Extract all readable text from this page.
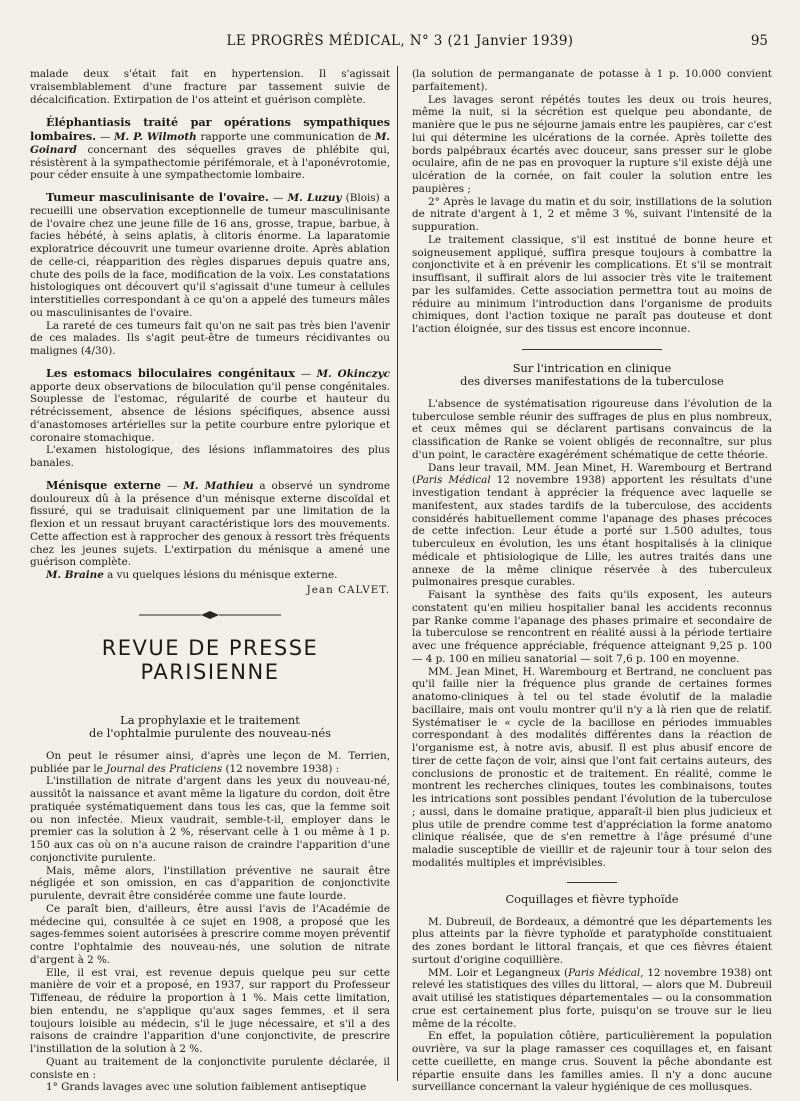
LE PROGRÈS MÉDICAL, N° 3 (21 Janvier 1939)	95

malade deux s'était fait en hypertension. Il s'agissait vraisemblablement d'une fracture par tassement suivie de décalcification. Extirpation de l'os atteint et guérison complète.

Éléphantiasis traité par opérations sympathiques lombaires. — M. P. Wilmoth rapporte une communication de M. Goinard concernant des séquelles graves de phlébite qui, résistèrent à la sympathectomie périfémorale, et à l'aponévrotomie, pour céder ensuite à une sympathectomie lombaire.

Tumeur masculinisante de l'ovaire. — M. Luzuy (Blois) a recueilli une observation exceptionnelle de tumeur masculinisante de l'ovaire chez une jeune fille de 16 ans, grosse, trapue, barbue, à facies hébété, à seins aplatis, à clitoris énorme. La laparatomie exploratrice découvrit une tumeur ovarienne droite. Après ablation de celle-ci, réapparition des règles disparues depuis quatre ans, chute des poils de la face, modification de la voix. Les constatations histologiques ont découvert qu'il s'agissait d'une tumeur à cellules interstitielles correspondant à ce qu'on a appelé des tumeurs mâles ou masculinisantes de l'ovaire.

La rareté de ces tumeurs fait qu'on ne sait pas très bien l'avenir de ces malades. Ils s'agit peut-être de tumeurs récidivantes ou malignes (4/30).

Les estomacs biloculaires congénitaux — M. Okinczyc apporte deux observations de biloculation qu'il pense congénitales. Souplesse de l'estomac, régularité de courbe et hauteur du rétrécissement, absence de lésions spécifiques, absence aussi d'anastomoses artérielles sur la petite courbure entre pylorique et coronaire stomachique.

L'examen histologique, des lésions inflammatoires des plus banales.

Ménisque externe — M. Mathieu a observé un syndrome douloureux dû à la présence d'un ménisque externe discoïdal et fissuré, qui se traduisait cliniquement par une limitation de la flexion et un ressaut bruyant caractéristique lors des mouvements. Cette affection est à rapprocher des genoux à ressort très fréquents chez les jeunes sujets. L'extirpation du ménisque a amené une guérison complète.

M. Braine a vu quelques lésions du ménisque externe.

Jean CALVET.
REVUE DE PRESSE PARISIENNE
La prophylaxie et le traitement
de l'ophtalmie purulente des nouveau-nés

On peut le résumer ainsi, d'après une leçon de M. Terrien, publiée par le Journal des Praticiens (12 novembre 1938) :

L'instillation de nitrate d'argent dans les yeux du nouveau-né, aussitôt la naissance et avant même la ligature du cordon, doit être pratiquée systématiquement dans tous les cas, que la femme soit ou non infectée. Mieux vaudrait, semble-t-il, employer dans le premier cas la solution à 2 %, réservant celle à 1 ou même à 1 p. 150 aux cas où on n'a aucune raison de craindre l'apparition d'une conjonctivite purulente.

Mais, même alors, l'instillation préventive ne saurait être négligée et son omission, en cas d'apparition de conjonctivite purulente, devrait être considérée comme une faute lourde.

Ce paraît bien, d'ailleurs, être aussi l'avis de l'Académie de médecine qui, consultée à ce sujet en 1908, a proposé que les sages-femmes soient autorisées à prescrire comme moyen préventif contre l'ophtalmie des nouveau-nés, une solution de nitrate d'argent à 2 %.

Elle, il est vrai, est revenue depuis quelque peu sur cette manière de voir et a proposé, en 1937, sur rapport du Professeur Tiffeneau, de réduire la proportion à 1 %. Mais cette limitation, bien entendu, ne s'applique qu'aux sages femmes, et il sera toujours loisible au médecin, s'il le juge nécessaire, et s'il a des raisons de craindre l'apparition d'une conjonctivite, de prescrire l'instillation de la solution à 2 %.

Quant au traitement de la conjonctivite purulente déclarée, il consiste en :

1° Grands lavages avec une solution faiblement antiseptique

(la solution de permanganate de potasse à 1 p. 10.000 convient parfaitement).

Les lavages seront répétés toutes les deux ou trois heures, même la nuit, si la sécrétion est quelque peu abondante, de manière que le pus ne séjourne jamais entre les paupières, car c'est lui qui détermine les ulcérations de la cornée. Après toilette des bords palpébraux écartés avec douceur, sans presser sur le globe oculaire, afin de ne pas en provoquer la rupture s'il existe déjà une ulcération de la cornée, on fait couler la solution entre les paupières ;

2° Après le lavage du matin et du soir, instillations de la solution de nitrate d'argent à 1, 2 et même 3 %, suivant l'intensité de la suppuration.

Le traitement classique, s'il est institué de bonne heure et soigneusement appliqué, suffira presque toujours à combattre la conjonctivite et à en prévenir les complications. Et s'il se montrait insuffisant, il suffirait alors de lui associer très vite le traitement par les sulfamides. Cette association permettra tout au moins de réduire au minimum l'introduction dans l'organisme de produits chimiques, dont l'action toxique ne paraît pas douteuse et dont l'action éloignée, sur des tissus est encore inconnue.

Sur l'intrication en clinique
des diverses manifestations de la tuberculose

L'absence de systématisation rigoureuse dans l'évolution de la tuberculose semble réunir des suffrages de plus en plus nombreux, et ceux mêmes qui se déclarent partisans convaincus de la classification de Ranke se voient obligés de reconnaître, sur plus d'un point, le caractère exagérément schématique de cette théorie.

Dans leur travail, MM. Jean Minet, H. Warembourg et Bertrand (Paris Médical 12 novembre 1938) apportent les résultats d'une investigation tendant à apprécier la fréquence avec laquelle se manifestent, aux stades tardifs de la tuberculose, des accidents considérés habituellement comme l'apanage des phases précoces de cette infection. Leur étude a porté sur 1.500 adultes, tous tuberculeux en évolution, les uns étant hospitalisés à la clinique médicale et phtisiologique de Lille, les autres traités dans une annexe de la même clinique réservée à des tuberculeux pulmonaires presque curables.

Faisant la synthèse des faits qu'ils exposent, les auteurs constatent qu'en milieu hospitalier banal les accidents reconnus par Ranke comme l'apanage des phases primaire et secondaire de la tuberculose se rencontrent en réalité aussi à la période tertiaire avec une fréquence appréciable, fréquence atteignant 9,25 p. 100 — 4 p. 100 en milieu sanatorial — soit 7,6 p. 100 en moyenne.

MM. Jean Minet, H. Warembourg et Bertrand, ne concluent pas qu'il faille nier la fréquence plus grande de certaines formes anatomo-cliniques à tel ou tel stade évolutif de la maladie bacillaire, mais ont voulu montrer qu'il n'y a là rien que de relatif. Systématiser le « cycle de la bacillose en périodes immuables correspondant à des modalités différentes dans la réaction de l'organisme est, à notre avis, abusif. Il est plus abusif encore de tirer de cette façon de voir, ainsi que l'ont fait certains auteurs, des conclusions de pronostic et de traitement. En réalité, comme le montrent les recherches cliniques, toutes les combinaisons, toutes les intrications sont possibles pendant l'évolution de la tuberculose ; aussi, dans le domaine pratique, apparaît-il bien plus judicieux et plus utile de prendre comme test d'appréciation la forme anatomo clinique réalisée, que de s'en remettre à l'âge présumé d'une maladie susceptible de vieillir et de rajeunir tour à tour selon des modalités multiples et imprévisibles.

Coquillages et fièvre typhoïde

M. Dubreuil, de Bordeaux, a démontré que les départements les plus atteints par la fièvre typhoïde et paratyphoïde constituaient des zones bordant le littoral français, et que ces fièvres étaient surtout d'origine coquillière.

MM. Loir et Legangneux (Paris Médical, 12 novembre 1938) ont relevé les statistiques des villes du littoral, — alors que M. Dubreuil avait utilisé les statistiques départementales — ou la consommation crue est certainement plus forte, puisqu'on se trouve sur le lieu même de la récolte.

En effet, la population côtière, particulièrement la population ouvrière, va sur la plage ramasser ces coquillages et, en faisant cette cueillette, en mange crus. Souvent la pêche abondante est répartie ensuite dans les familles amies. Il n'y a donc aucune surveillance concernant la valeur hygiénique de ces mollusques.
